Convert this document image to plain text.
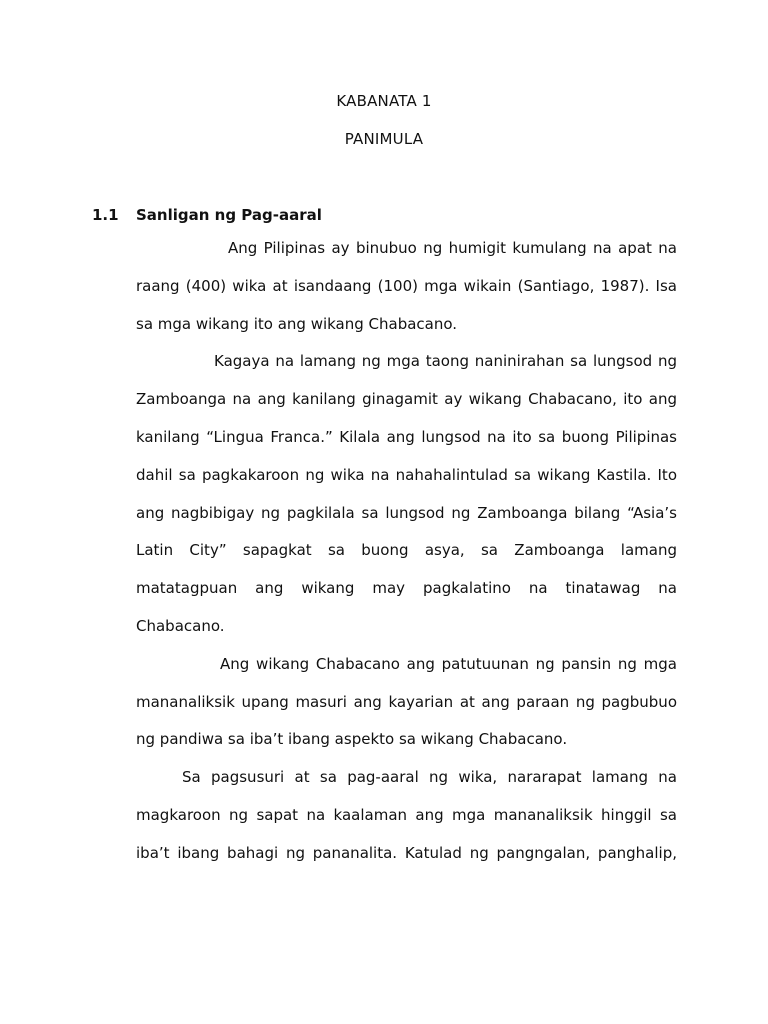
KABANATA 1
PANIMULA
1.1 Sanligan ng Pag-aaral

Ang Pilipinas ay binubuo ng humigit kumulang na apat na raang (400) wika at isandaang (100) mga wikain (Santiago, 1987). Isa sa mga wikang ito ang wikang Chabacano.

Kagaya na lamang ng mga taong naninirahan sa lungsod ng Zamboanga na ang kanilang ginagamit ay wikang Chabacano, ito ang kanilang “Lingua Franca.” Kilala ang lungsod na ito sa buong Pilipinas dahil sa pagkakaroon ng wika na nahahalintulad sa wikang Kastila. Ito ang nagbibigay ng pagkilala sa lungsod ng Zamboanga bilang “Asia’s Latin City” sapagkat sa buong asya, sa Zamboanga lamang matatagpuan ang wikang may pagkalatino na tinatawag na Chabacano.

Ang wikang Chabacano ang patutuunan ng pansin ng mga mananaliksik upang masuri ang kayarian at ang paraan ng pagbubuo ng pandiwa sa iba’t ibang aspekto sa wikang Chabacano.

Sa pagsusuri at sa pag-aaral ng wika, nararapat lamang na magkaroon ng sapat na kaalaman ang mga mananaliksik hinggil sa iba’t ibang bahagi ng pananalita. Katulad ng pangngalan, panghalip,
